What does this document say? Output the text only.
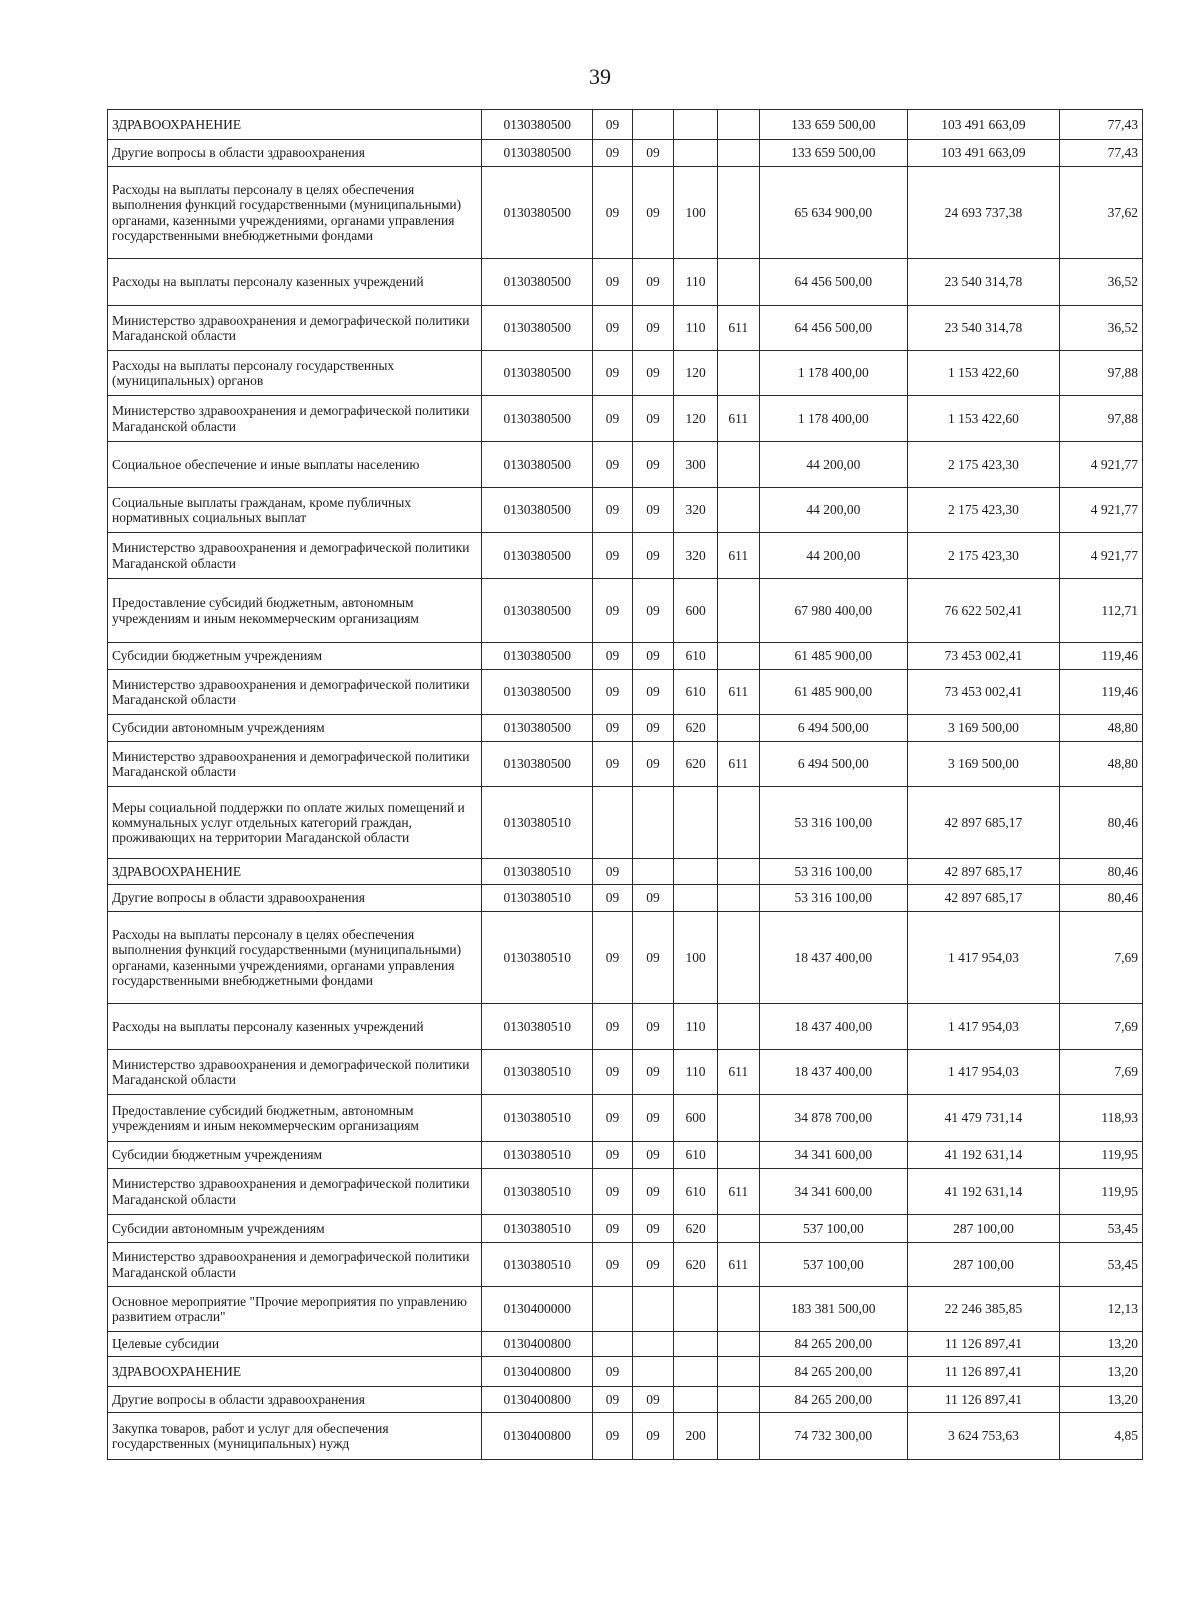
39
ЗДРАВООХРАНЕНИЕ	0130380500	09				133 659 500,00	103 491 663,09	77,43
Другие вопросы в области здравоохранения	0130380500	09	09			133 659 500,00	103 491 663,09	77,43
Расходы на выплаты персоналу в целях обеспечения выполнения функций государственными (муниципальными) органами, казенными учреждениями, органами управления государственными внебюджетными фондами	0130380500	09	09	100		65 634 900,00	24 693 737,38	37,62
Расходы на выплаты персоналу казенных учреждений	0130380500	09	09	110		64 456 500,00	23 540 314,78	36,52
Министерство здравоохранения и демографической политики Магаданской области	0130380500	09	09	110	611	64 456 500,00	23 540 314,78	36,52
Расходы на выплаты персоналу государственных (муниципальных) органов	0130380500	09	09	120		1 178 400,00	1 153 422,60	97,88
Министерство здравоохранения и демографической политики Магаданской области	0130380500	09	09	120	611	1 178 400,00	1 153 422,60	97,88
Социальное обеспечение и иные выплаты населению	0130380500	09	09	300		44 200,00	2 175 423,30	4 921,77
Социальные выплаты гражданам, кроме публичных нормативных социальных выплат	0130380500	09	09	320		44 200,00	2 175 423,30	4 921,77
Министерство здравоохранения и демографической политики Магаданской области	0130380500	09	09	320	611	44 200,00	2 175 423,30	4 921,77
Предоставление субсидий бюджетным, автономным учреждениям и иным некоммерческим организациям	0130380500	09	09	600		67 980 400,00	76 622 502,41	112,71
Субсидии бюджетным учреждениям	0130380500	09	09	610		61 485 900,00	73 453 002,41	119,46
Министерство здравоохранения и демографической политики Магаданской области	0130380500	09	09	610	611	61 485 900,00	73 453 002,41	119,46
Субсидии автономным учреждениям	0130380500	09	09	620		6 494 500,00	3 169 500,00	48,80
Министерство здравоохранения и демографической политики Магаданской области	0130380500	09	09	620	611	6 494 500,00	3 169 500,00	48,80
Меры социальной поддержки по оплате жилых помещений и коммунальных услуг отдельных категорий граждан, проживающих на территории Магаданской области	0130380510					53 316 100,00	42 897 685,17	80,46
ЗДРАВООХРАНЕНИЕ	0130380510	09				53 316 100,00	42 897 685,17	80,46
Другие вопросы в области здравоохранения	0130380510	09	09			53 316 100,00	42 897 685,17	80,46
Расходы на выплаты персоналу в целях обеспечения выполнения функций государственными (муниципальными) органами, казенными учреждениями, органами управления государственными внебюджетными фондами	0130380510	09	09	100		18 437 400,00	1 417 954,03	7,69
Расходы на выплаты персоналу казенных учреждений	0130380510	09	09	110		18 437 400,00	1 417 954,03	7,69
Министерство здравоохранения и демографической политики Магаданской области	0130380510	09	09	110	611	18 437 400,00	1 417 954,03	7,69
Предоставление субсидий бюджетным, автономным учреждениям и иным некоммерческим организациям	0130380510	09	09	600		34 878 700,00	41 479 731,14	118,93
Субсидии бюджетным учреждениям	0130380510	09	09	610		34 341 600,00	41 192 631,14	119,95
Министерство здравоохранения и демографической политики Магаданской области	0130380510	09	09	610	611	34 341 600,00	41 192 631,14	119,95
Субсидии автономным учреждениям	0130380510	09	09	620		537 100,00	287 100,00	53,45
Министерство здравоохранения и демографической политики Магаданской области	0130380510	09	09	620	611	537 100,00	287 100,00	53,45
Основное мероприятие "Прочие мероприятия по управлению развитием отрасли"	0130400000					183 381 500,00	22 246 385,85	12,13
Целевые субсидии	0130400800					84 265 200,00	11 126 897,41	13,20
ЗДРАВООХРАНЕНИЕ	0130400800	09				84 265 200,00	11 126 897,41	13,20
Другие вопросы в области здравоохранения	0130400800	09	09			84 265 200,00	11 126 897,41	13,20
Закупка товаров, работ и услуг для обеспечения государственных (муниципальных) нужд	0130400800	09	09	200		74 732 300,00	3 624 753,63	4,85
